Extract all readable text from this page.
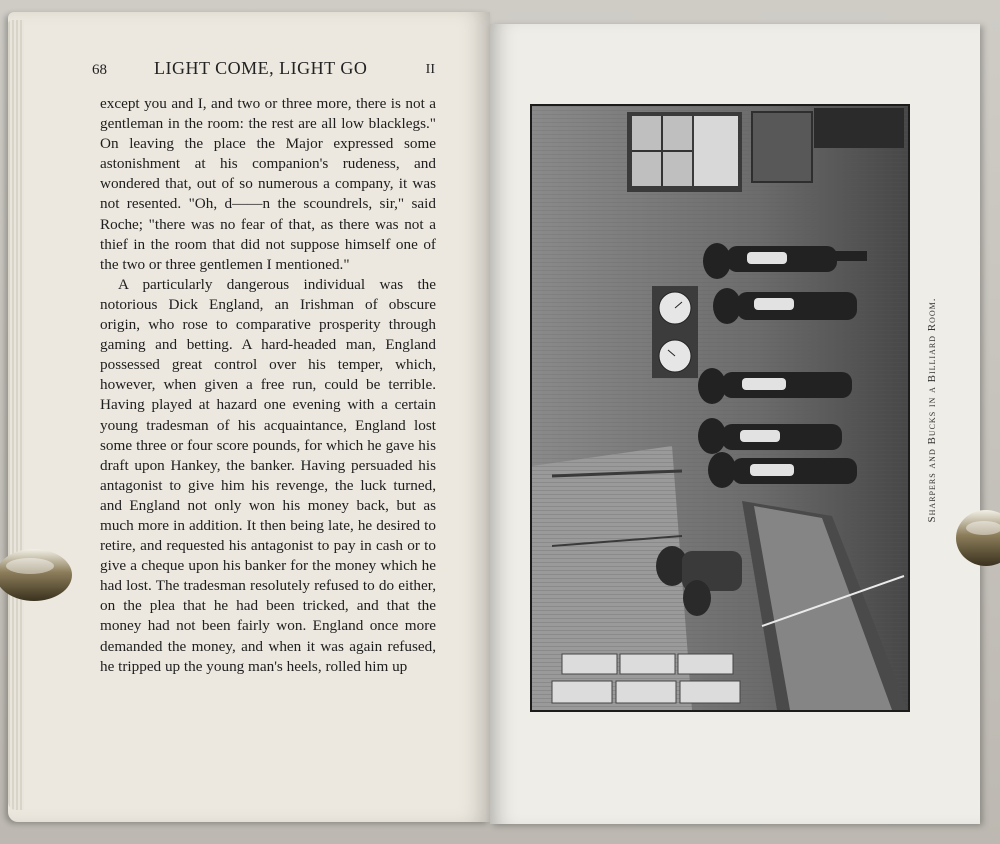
68	LIGHT COME, LIGHT GO	II

except you and I, and two or three more, there is not a gentleman in the room: the rest are all low blacklegs." On leaving the place the Major expressed some astonishment at his companion's rudeness, and wondered that, out of so numerous a company, it was not resented. "Oh, d——n the scoundrels, sir," said Roche; "there was no fear of that, as there was not a thief in the room that did not suppose himself one of the two or three gentlemen I mentioned."

A particularly dangerous individual was the notorious Dick England, an Irishman of obscure origin, who rose to comparative prosperity through gaming and betting. A hard-headed man, England possessed great control over his temper, which, however, when given a free run, could be terrible. Having played at hazard one evening with a certain young tradesman of his acquaintance, England lost some three or four score pounds, for which he gave his draft upon Hankey, the banker. Having persuaded his antagonist to give him his revenge, the luck turned, and England not only won his money back, but as much more in addition. It then being late, he desired to retire, and requested his antagonist to pay in cash or to give a cheque upon his banker for the money which he had lost. The tradesman resolutely refused to do either, on the plea that he had been tricked, and that the money had not been fairly won. England once more demanded the money, and when it was again refused, he tripped up the young man's heels, rolled him up

Sharpers and Bucks in a Billiard Room.
